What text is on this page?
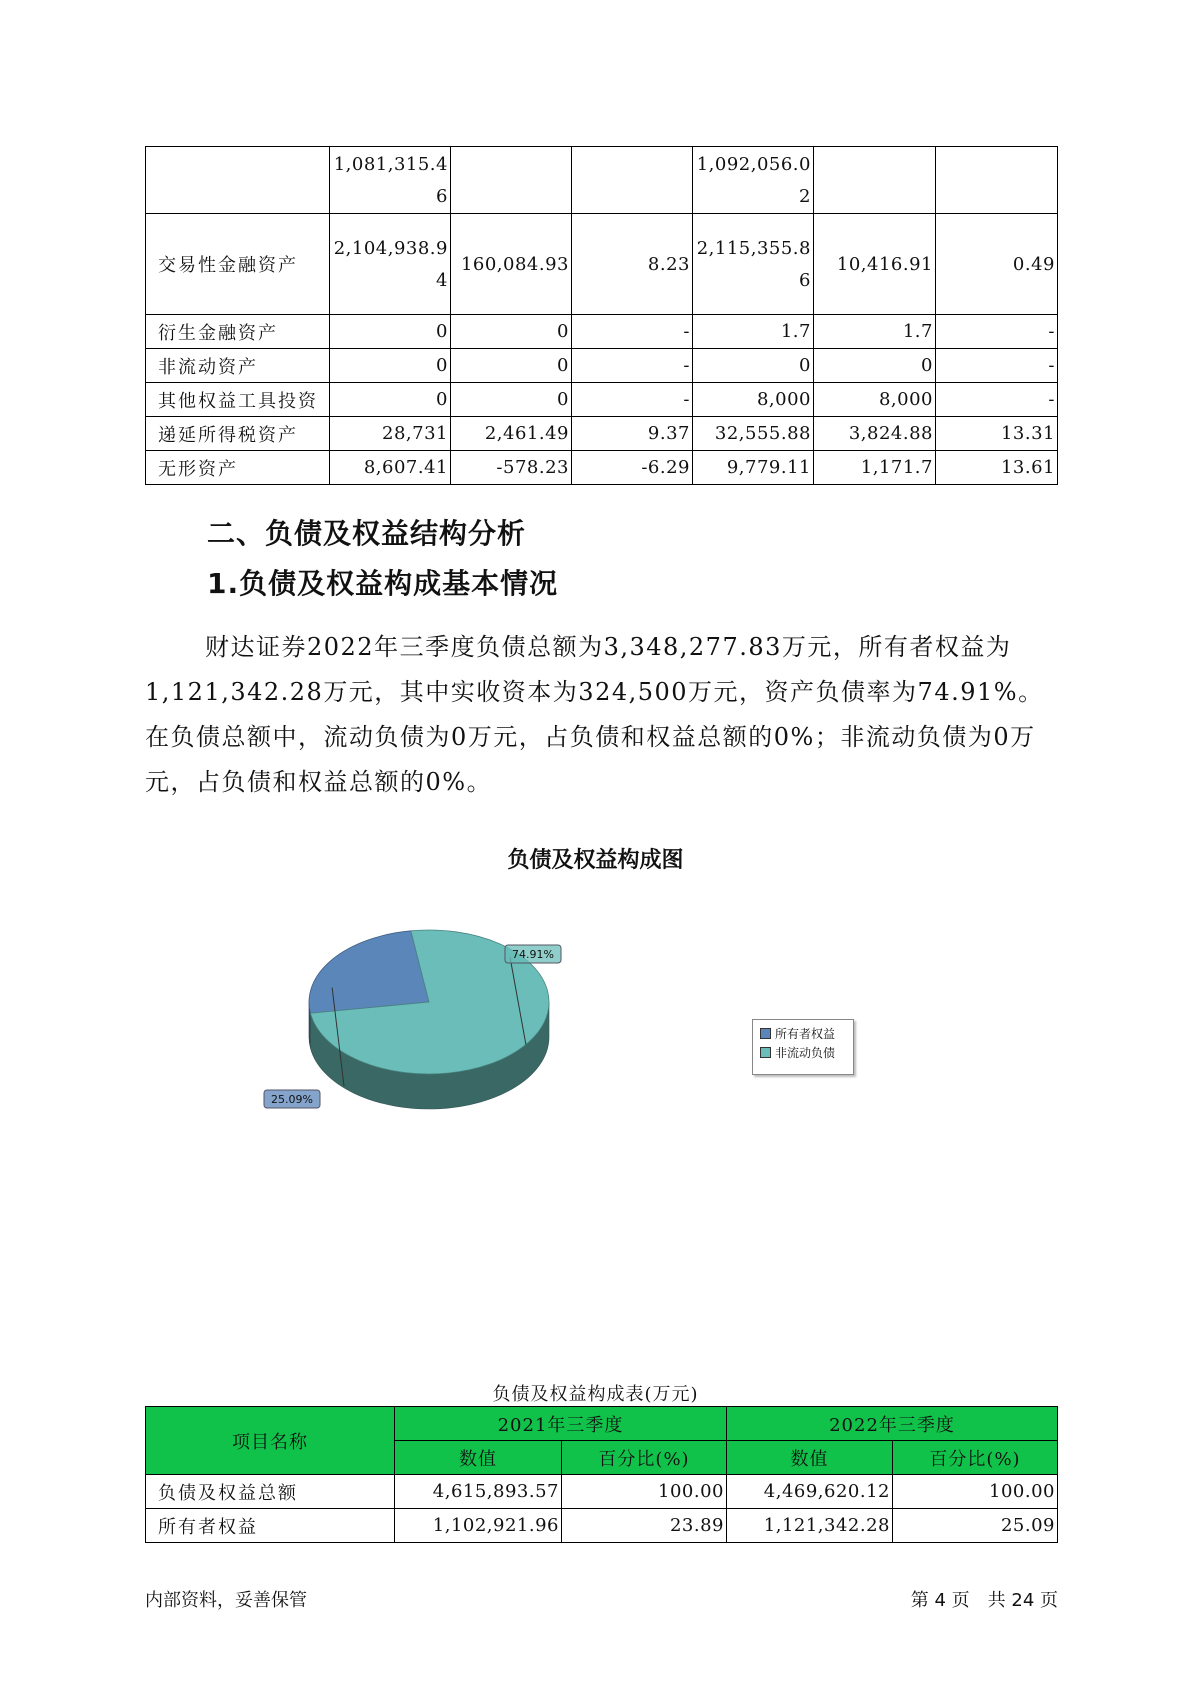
	1,081,315.46			1,092,056.02		
交易性金融资产	2,104,938.94	160,084.93	8.23	2,115,355.86	10,416.91	0.49
衍生金融资产	0	0	-	1.7	1.7	-
非流动资产	0	0	-	0	0	-
其他权益工具投资	0	0	-	8,000	8,000	-
递延所得税资产	28,731	2,461.49	9.37	32,555.88	3,824.88	13.31
无形资产	8,607.41	-578.23	-6.29	9,779.11	1,171.7	13.61
二、负债及权益结构分析
1.负债及权益构成基本情况

财达证券2022年三季度负债总额为3,348,277.83万元，所有者权益为1,121,342.28万元，其中实收资本为324,500万元，资产负债率为74.91%。在负债总额中，流动负债为0万元，占负债和权益总额的0%；非流动负债为0万元，占负债和权益总额的0%。

负债及权益构成图
25.09%
74.91%
所有者权益
非流动负债
负债及权益构成表(万元)
项目名称	2021年三季度		2022年三季度	
	数值	百分比(%)	数值	百分比(%)
负债及权益总额	4,615,893.57	100.00	4,469,620.12	100.00
所有者权益	1,102,921.96	23.89	1,121,342.28	25.09
内部资料，妥善保管	第 4 页　共 24 页
